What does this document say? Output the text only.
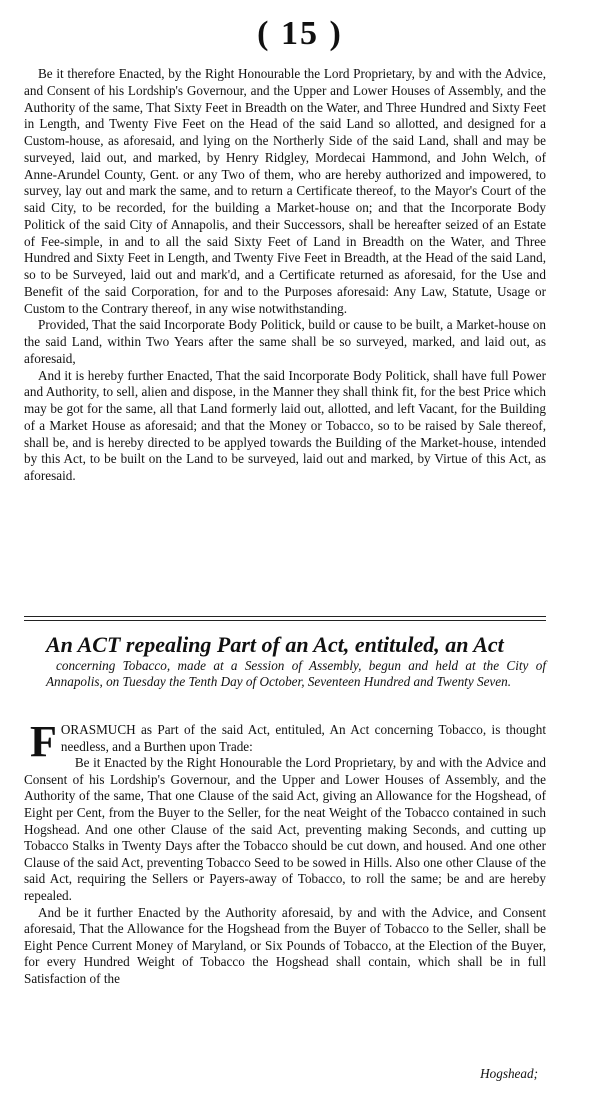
( 15 )

Be it therefore Enacted, by the Right Honourable the Lord Proprietary, by and with the Advice, and Consent of his Lordship's Governour, and the Upper and Lower Houses of Assembly, and the Authority of the same, That Sixty Feet in Breadth on the Water, and Three Hundred and Sixty Feet in Length, and Twenty Five Feet on the Head of the said Land so allotted, and designed for a Custom-house, as aforesaid, and lying on the Northerly Side of the said Land, shall and may be surveyed, laid out, and marked, by Henry Ridgley, Mordecai Hammond, and John Welch, of Anne-Arundel County, Gent. or any Two of them, who are hereby authorized and impowered, to survey, lay out and mark the same, and to return a Certificate thereof, to the Mayor's Court of the said City, to be recorded, for the building a Market-house on; and that the Incorporate Body Politick of the said City of Annapolis, and their Successors, shall be hereafter seized of an Estate of Fee-simple, in and to all the said Sixty Feet of Land in Breadth on the Water, and Three Hundred and Sixty Feet in Length, and Twenty Five Feet in Breadth, at the Head of the said Land, so to be Surveyed, laid out and mark'd, and a Certificate returned as aforesaid, for the Use and Benefit of the said Corporation, for and to the Purposes aforesaid: Any Law, Statute, Usage or Custom to the Contrary thereof, in any wise notwithstanding.

Provided, That the said Incorporate Body Politick, build or cause to be built, a Market-house on the said Land, within Two Years after the same shall be so surveyed, marked, and laid out, as aforesaid,

And it is hereby further Enacted, That the said Incorporate Body Politick, shall have full Power and Authority, to sell, alien and dispose, in the Manner they shall think fit, for the best Price which may be got for the same, all that Land formerly laid out, allotted, and left Vacant, for the Building of a Market House as aforesaid; and that the Money or Tobacco, so to be raised by Sale thereof, shall be, and is hereby directed to be applyed towards the Building of the Market-house, intended by this Act, to be built on the Land to be surveyed, laid out and marked, by Virtue of this Act, as aforesaid.

An ACT repealing Part of an Act, entituled, an Act
concerning Tobacco, made at a Session of Assembly, begun and held at the City of Annapolis, on Tuesday the Tenth Day of October, Seventeen Hundred and Twenty Seven.

FORASMUCH as Part of the said Act, entituled, An Act concerning Tobacco, is thought needless, and a Burthen upon Trade:

Be it Enacted by the Right Honourable the Lord Proprietary, by and with the Advice and Consent of his Lordship's Governour, and the Upper and Lower Houses of Assembly, and the Authority of the same, That one Clause of the said Act, giving an Allowance for the Hogshead, of Eight per Cent, from the Buyer to the Seller, for the neat Weight of the Tobacco contained in such Hogshead. And one other Clause of the said Act, preventing making Seconds, and cutting up Tobacco Stalks in Twenty Days after the Tobacco should be cut down, and housed. And one other Clause of the said Act, preventing Tobacco Seed to be sowed in Hills. Also one other Clause of the said Act, requiring the Sellers or Payers-away of Tobacco, to roll the same; be and are hereby repealed.

And be it further Enacted by the Authority aforesaid, by and with the Advice, and Consent aforesaid, That the Allowance for the Hogshead from the Buyer of Tobacco to the Seller, shall be Eight Pence Current Money of Maryland, or Six Pounds of Tobacco, at the Election of the Buyer, for every Hundred Weight of Tobacco the Hogshead shall contain, which shall be in full Satisfaction of the

Hogshead;
